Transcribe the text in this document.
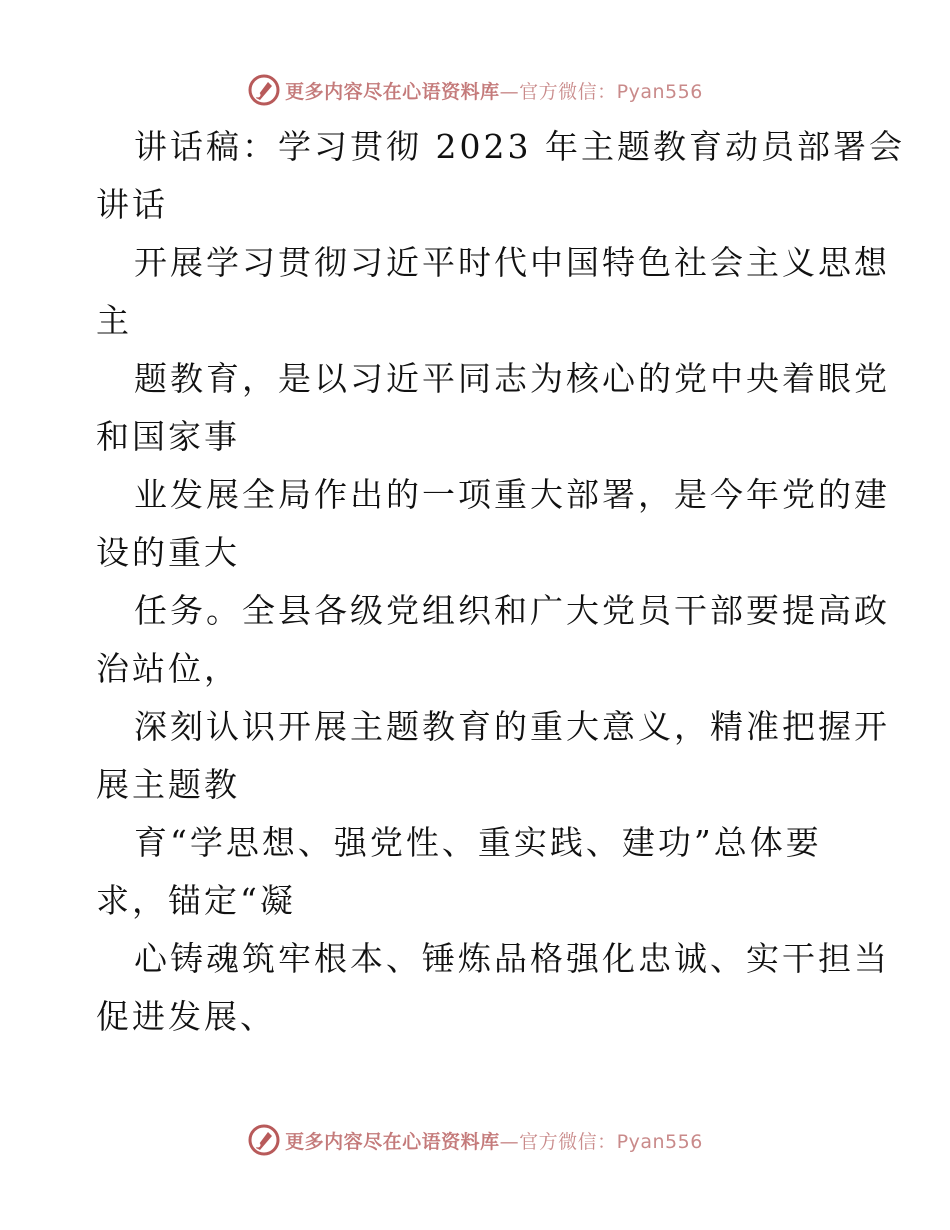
更多内容尽在心语资料库—官方微信：Pyan556
讲话稿：学习贯彻 2023 年主题教育动员部署会
讲话
开展学习贯彻习近平时代中国特色社会主义思想
主
题教育，是以习近平同志为核心的党中央着眼党
和国家事
业发展全局作出的一项重大部署，是今年党的建
设的重大
任务。全县各级党组织和广大党员干部要提高政
治站位，
深刻认识开展主题教育的重大意义，精准把握开
展主题教
育“学思想、强党性、重实践、建功”总体要
求，锚定“凝
心铸魂筑牢根本、锤炼品格强化忠诚、实干担当
促进发展、
更多内容尽在心语资料库—官方微信：Pyan556
